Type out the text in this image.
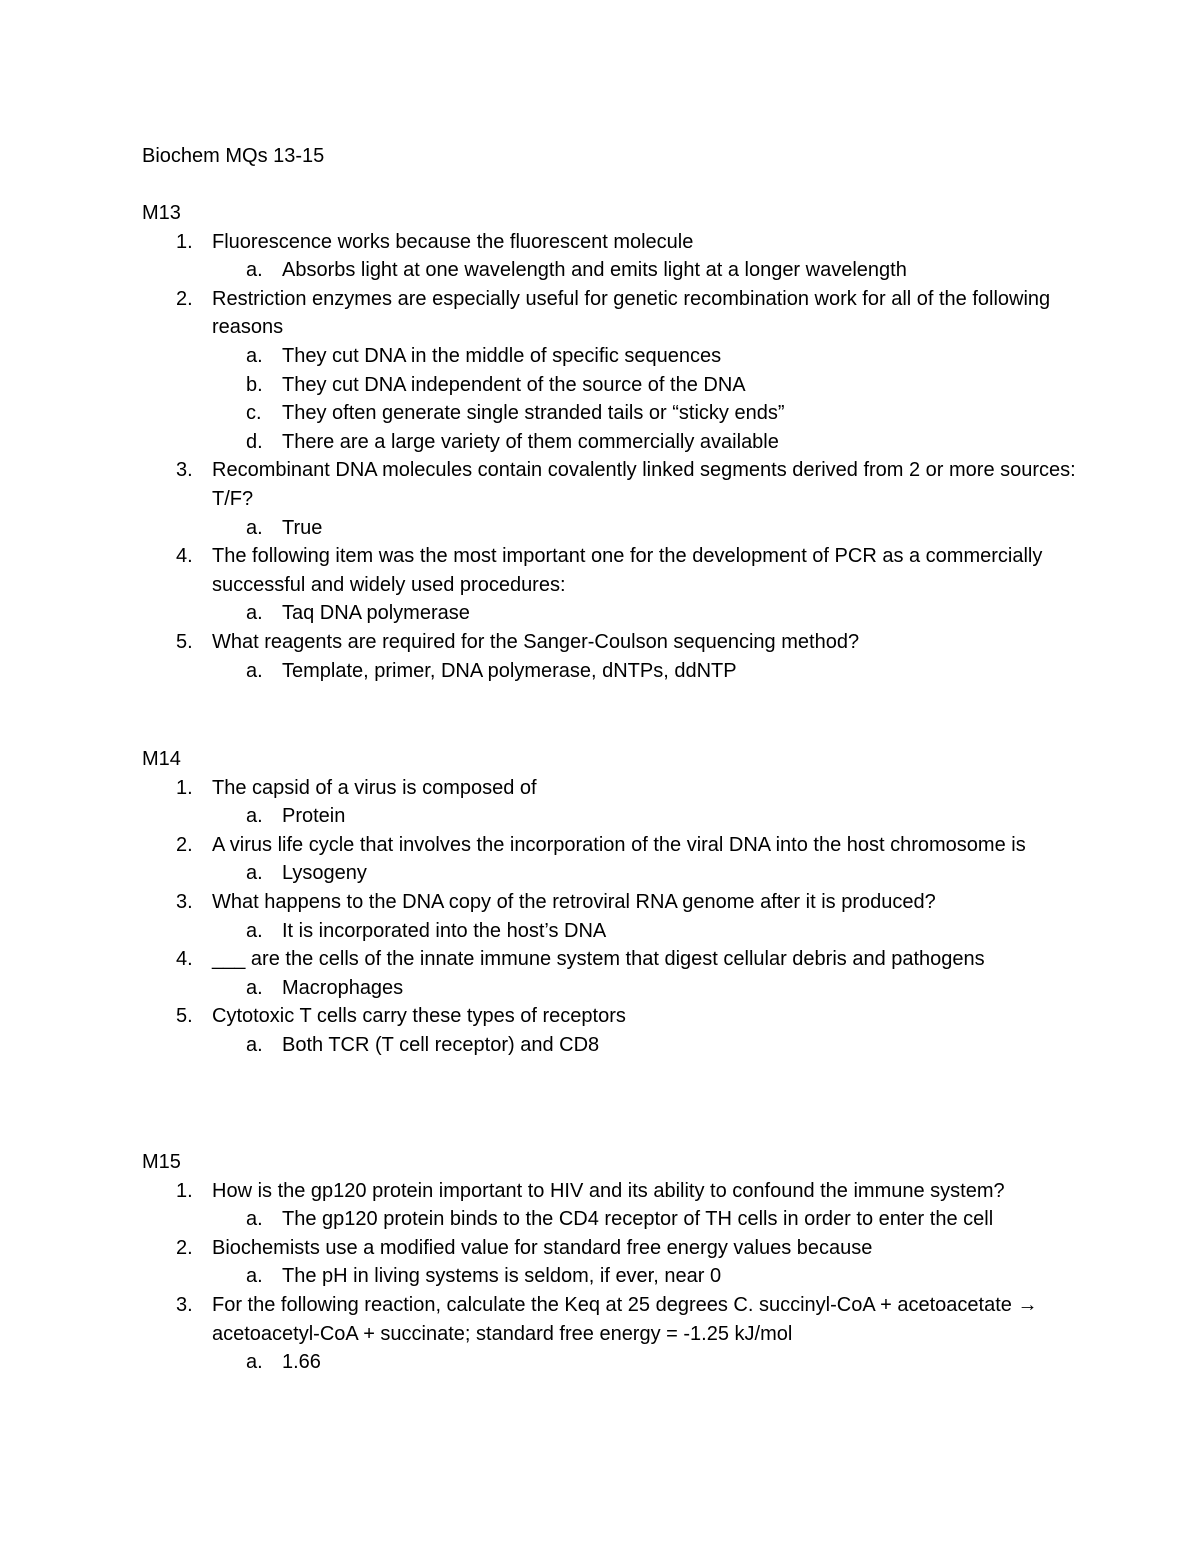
Biochem MQs 13-15
M13
1. Fluorescence works because the fluorescent molecule
a. Absorbs light at one wavelength and emits light at a longer wavelength
2. Restriction enzymes are especially useful for genetic recombination work for all of the following reasons
a. They cut DNA in the middle of specific sequences
b. They cut DNA independent of the source of the DNA
c. They often generate single stranded tails or “sticky ends”
d. There are a large variety of them commercially available
3. Recombinant DNA molecules contain covalently linked segments derived from 2 or more sources: T/F?
a. True
4. The following item was the most important one for the development of PCR as a commercially successful and widely used procedures:
a. Taq DNA polymerase
5. What reagents are required for the Sanger-Coulson sequencing method?
a. Template, primer, DNA polymerase, dNTPs, ddNTP
M14
1. The capsid of a virus is composed of
a. Protein
2. A virus life cycle that involves the incorporation of the viral DNA into the host chromosome is
a. Lysogeny
3. What happens to the DNA copy of the retroviral RNA genome after it is produced?
a. It is incorporated into the host’s DNA
4. ___ are the cells of the innate immune system that digest cellular debris and pathogens
a. Macrophages
5. Cytotoxic T cells carry these types of receptors
a. Both TCR (T cell receptor) and CD8
M15
1. How is the gp120 protein important to HIV and its ability to confound the immune system?
a. The gp120 protein binds to the CD4 receptor of TH cells in order to enter the cell
2. Biochemists use a modified value for standard free energy values because
a. The pH in living systems is seldom, if ever, near 0
3. For the following reaction, calculate the Keq at 25 degrees C. succinyl-CoA + acetoacetate → acetoacetyl-CoA + succinate; standard free energy = -1.25 kJ/mol
a. 1.66
